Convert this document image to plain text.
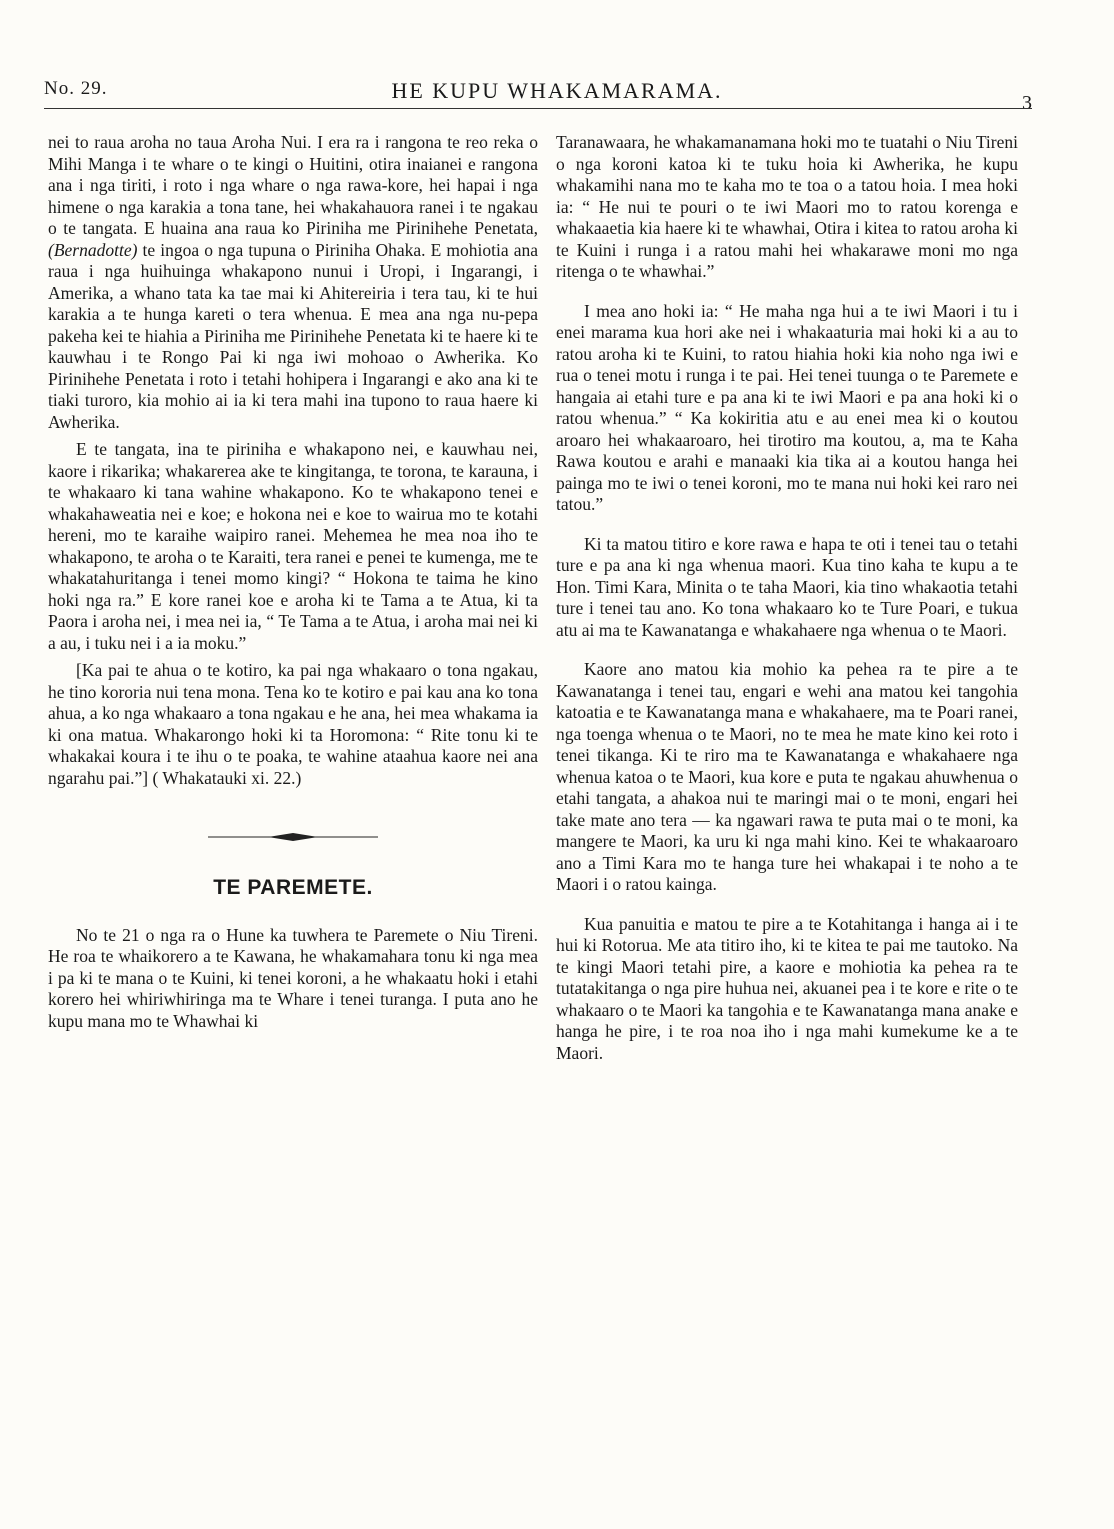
No. 29.	HE KUPU WHAKAMARAMA.	3

nei to raua aroha no taua Aroha Nui. I era ra i rangona te reo reka o Mihi Manga i te whare o te kingi o Huitini, otira inaianei e rangona ana i nga tiriti, i roto i nga whare o nga rawa-kore, hei hapai i nga himene o nga karakia a tona tane, hei whakahauora ranei i te ngakau o te tangata. E huaina ana raua ko Piriniha me Pirinihehe Penetata, (Bernadotte) te ingoa o nga tupuna o Piriniha Ohaka. E mohiotia ana raua i nga huihuinga whakapono nunui i Uropi, i Ingarangi, i Amerika, a whano tata ka tae mai ki Ahitereiria i tera tau, ki te hui karakia a te hunga kareti o tera whenua. E mea ana nga nu-pepa pakeha kei te hiahia a Piriniha me Pirinihehe Penetata ki te haere ki te kauwhau i te Rongo Pai ki nga iwi mohoao o Awherika. Ko Pirinihehe Penetata i roto i tetahi hohipera i Ingarangi e ako ana ki te tiaki turoro, kia mohio ai ia ki tera mahi ina tupono to raua haere ki Awherika.

E te tangata, ina te piriniha e whakapono nei, e kauwhau nei, kaore i rikarika; whakarerea ake te kingitanga, te torona, te karauna, i te whakaaro ki tana wahine whakapono. Ko te whakapono tenei e whakahaweatia nei e koe; e hokona nei e koe to wairua mo te kotahi hereni, mo te karaihe waipiro ranei. Mehemea he mea noa iho te whakapono, te aroha o te Karaiti, tera ranei e penei te kumenga, me te whakatahuritanga i tenei momo kingi? “ Hokona te taima he kino hoki nga ra.” E kore ranei koe e aroha ki te Tama a te Atua, ki ta Paora i aroha nei, i mea nei ia, “ Te Tama a te Atua, i aroha mai nei ki a au, i tuku nei i a ia moku.”

[Ka pai te ahua o te kotiro, ka pai nga whakaaro o tona ngakau, he tino kororia nui tena mona. Tena ko te kotiro e pai kau ana ko tona ahua, a ko nga whakaaro a tona ngakau e he ana, hei mea whakama ia ki ona matua. Whakarongo hoki ki ta Horomona: “ Rite tonu ki te whakakai koura i te ihu o te poaka, te wahine ataahua kaore nei ana ngarahu pai.”] ( Whakatauki xi. 22.)

TE PAREMETE.

No te 21 o nga ra o Hune ka tuwhera te Paremete o Niu Tireni. He roa te whaikorero a te Kawana, he whakamahara tonu ki nga mea i pa ki te mana o te Kuini, ki tenei koroni, a he whakaatu hoki i etahi korero hei whiriwhiringa ma te Whare i tenei turanga. I puta ano he kupu mana mo te Whawhai ki

Taranawaara, he whakamanamana hoki mo te tuatahi o Niu Tireni o nga koroni katoa ki te tuku hoia ki Awherika, he kupu whakamihi nana mo te kaha mo te toa o a tatou hoia. I mea hoki ia: “ He nui te pouri o te iwi Maori mo to ratou korenga e whakaaetia kia haere ki te whawhai, Otira i kitea to ratou aroha ki te Kuini i runga i a ratou mahi hei whakarawe moni mo nga ritenga o te whawhai.”

I mea ano hoki ia: “ He maha nga hui a te iwi Maori i tu i enei marama kua hori ake nei i whakaaturia mai hoki ki a au to ratou aroha ki te Kuini, to ratou hiahia hoki kia noho nga iwi e rua o tenei motu i runga i te pai. Hei tenei tuunga o te Paremete e hangaia ai etahi ture e pa ana ki te iwi Maori e pa ana hoki ki o ratou whenua.” “ Ka kokiritia atu e au enei mea ki o koutou aroaro hei whakaaroaro, hei tirotiro ma koutou, a, ma te Kaha Rawa koutou e arahi e manaaki kia tika ai a koutou hanga hei painga mo te iwi o tenei koroni, mo te mana nui hoki kei raro nei tatou.”

Ki ta matou titiro e kore rawa e hapa te oti i tenei tau o tetahi ture e pa ana ki nga whenua maori. Kua tino kaha te kupu a te Hon. Timi Kara, Minita o te taha Maori, kia tino whakaotia tetahi ture i tenei tau ano. Ko tona whakaaro ko te Ture Poari, e tukua atu ai ma te Kawanatanga e whakahaere nga whenua o te Maori.

Kaore ano matou kia mohio ka pehea ra te pire a te Kawanatanga i tenei tau, engari e wehi ana matou kei tangohia katoatia e te Kawanatanga mana e whakahaere, ma te Poari ranei, nga toenga whenua o te Maori, no te mea he mate kino kei roto i tenei tikanga. Ki te riro ma te Kawanatanga e whakahaere nga whenua katoa o te Maori, kua kore e puta te ngakau ahuwhenua o etahi tangata, a ahakoa nui te maringi mai o te moni, engari hei take mate ano tera — ka ngawari rawa te puta mai o te moni, ka mangere te Maori, ka uru ki nga mahi kino. Kei te whakaaroaro ano a Timi Kara mo te hanga ture hei whakapai i te noho a te Maori i o ratou kainga.

Kua panuitia e matou te pire a te Kotahitanga i hanga ai i te hui ki Rotorua. Me ata titiro iho, ki te kitea te pai me tautoko. Na te kingi Maori tetahi pire, a kaore e mohiotia ka pehea ra te tutatakitanga o nga pire huhua nei, akuanei pea i te kore e rite o te whakaaro o te Maori ka tangohia e te Kawanatanga mana anake e hanga he pire, i te roa noa iho i nga mahi kumekume ke a te Maori.
